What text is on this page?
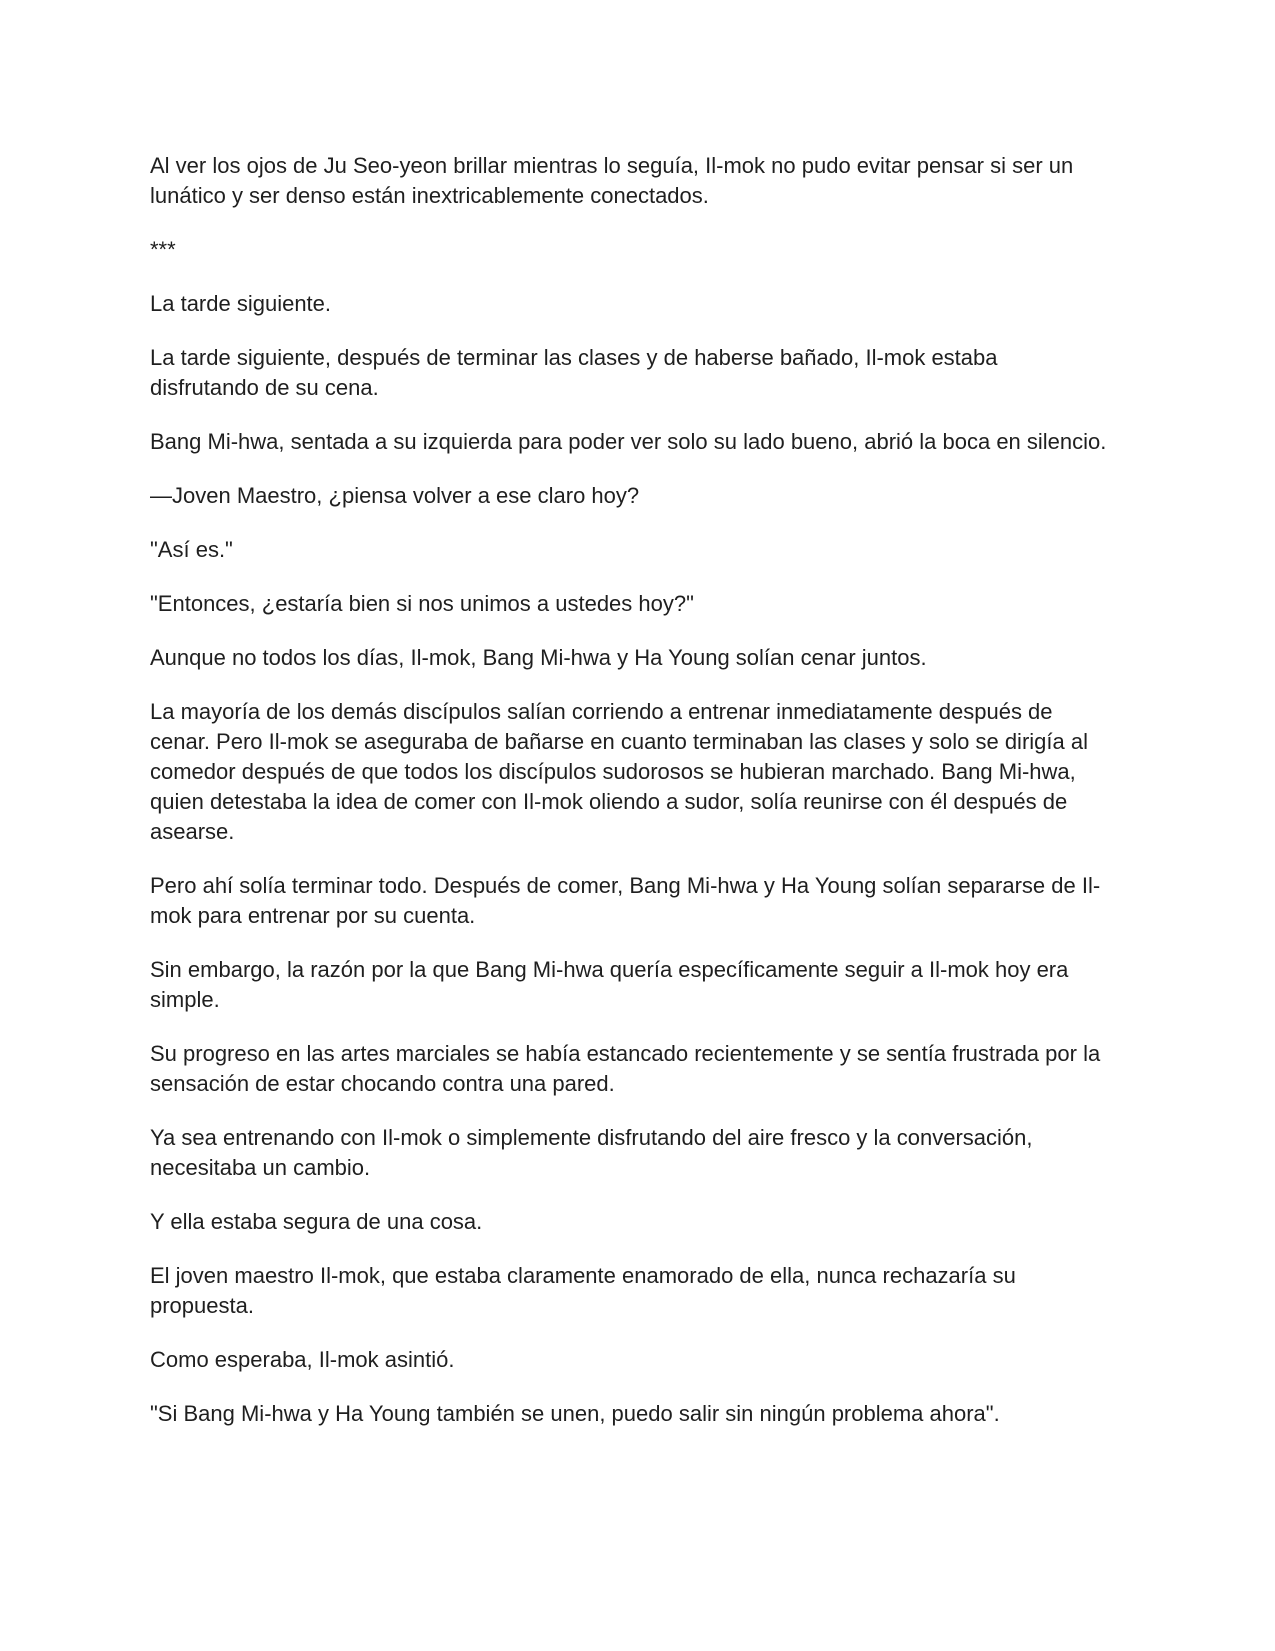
Al ver los ojos de Ju Seo-yeon brillar mientras lo seguía, Il-mok no pudo evitar pensar si ser un lunático y ser denso están inextricablemente conectados.

***

La tarde siguiente.

La tarde siguiente, después de terminar las clases y de haberse bañado, Il-mok estaba disfrutando de su cena.

Bang Mi-hwa, sentada a su izquierda para poder ver solo su lado bueno, abrió la boca en silencio.

—Joven Maestro, ¿piensa volver a ese claro hoy?

"Así es."

"Entonces, ¿estaría bien si nos unimos a ustedes hoy?"

Aunque no todos los días, Il-mok, Bang Mi-hwa y Ha Young solían cenar juntos.

La mayoría de los demás discípulos salían corriendo a entrenar inmediatamente después de cenar. Pero Il-mok se aseguraba de bañarse en cuanto terminaban las clases y solo se dirigía al comedor después de que todos los discípulos sudorosos se hubieran marchado. Bang Mi-hwa, quien detestaba la idea de comer con Il-mok oliendo a sudor, solía reunirse con él después de asearse.

Pero ahí solía terminar todo. Después de comer, Bang Mi-hwa y Ha Young solían separarse de Il-mok para entrenar por su cuenta.

Sin embargo, la razón por la que Bang Mi-hwa quería específicamente seguir a Il-mok hoy era simple.

Su progreso en las artes marciales se había estancado recientemente y se sentía frustrada por la sensación de estar chocando contra una pared.

Ya sea entrenando con Il-mok o simplemente disfrutando del aire fresco y la conversación, necesitaba un cambio.

Y ella estaba segura de una cosa.

El joven maestro Il-mok, que estaba claramente enamorado de ella, nunca rechazaría su propuesta.

Como esperaba, Il-mok asintió.

"Si Bang Mi-hwa y Ha Young también se unen, puedo salir sin ningún problema ahora".
